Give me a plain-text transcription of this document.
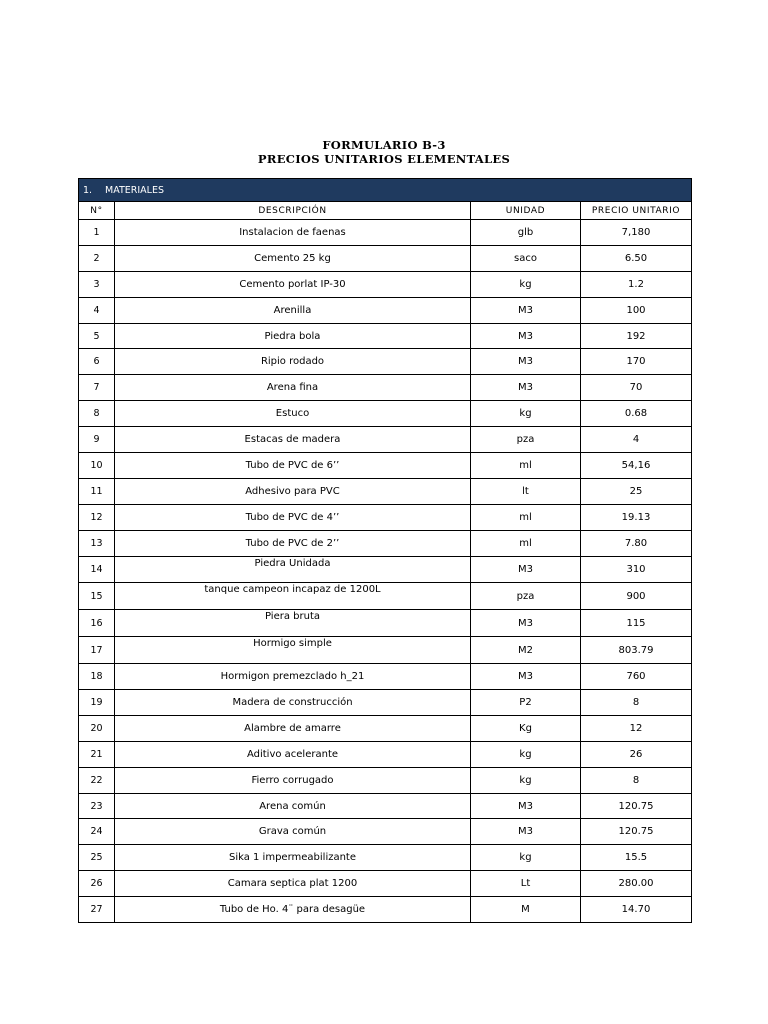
FORMULARIO B-3
PRECIOS UNITARIOS ELEMENTALES
1. MATERIALES			
N°	DESCRIPCIÓN	UNIDAD	PRECIO UNITARIO
1	Instalacion de faenas	glb	7,180
2	Cemento 25 kg	saco	6.50
3	Cemento porlat IP-30	kg	1.2
4	Arenilla	M3	100
5	Piedra bola	M3	192
6	Ripio rodado	M3	170
7	Arena fina	M3	70
8	Estuco	kg	0.68
9	Estacas de madera	pza	4
10	Tubo de PVC de 6’’	ml	54,16
11	Adhesivo para PVC	lt	25
12	Tubo de PVC de 4’’	ml	19.13
13	Tubo de PVC de 2’’	ml	7.80
14	Piedra Unidada	M3	310
15	tanque campeon incapaz de 1200L	pza	900
16	Piera bruta	M3	115
17	Hormigo simple	M2	803.79
18	Hormigon premezclado h_21	M3	760
19	Madera de construcción	P2	8
20	Alambre de amarre	Kg	12
21	Aditivo acelerante	kg	26
22	Fierro corrugado	kg	8
23	Arena común	M3	120.75
24	Grava común	M3	120.75
25	Sika 1 impermeabilizante	kg	15.5
26	Camara septica plat 1200	Lt	280.00
27	Tubo de Ho. 4¨ para desagüe	M	14.70
